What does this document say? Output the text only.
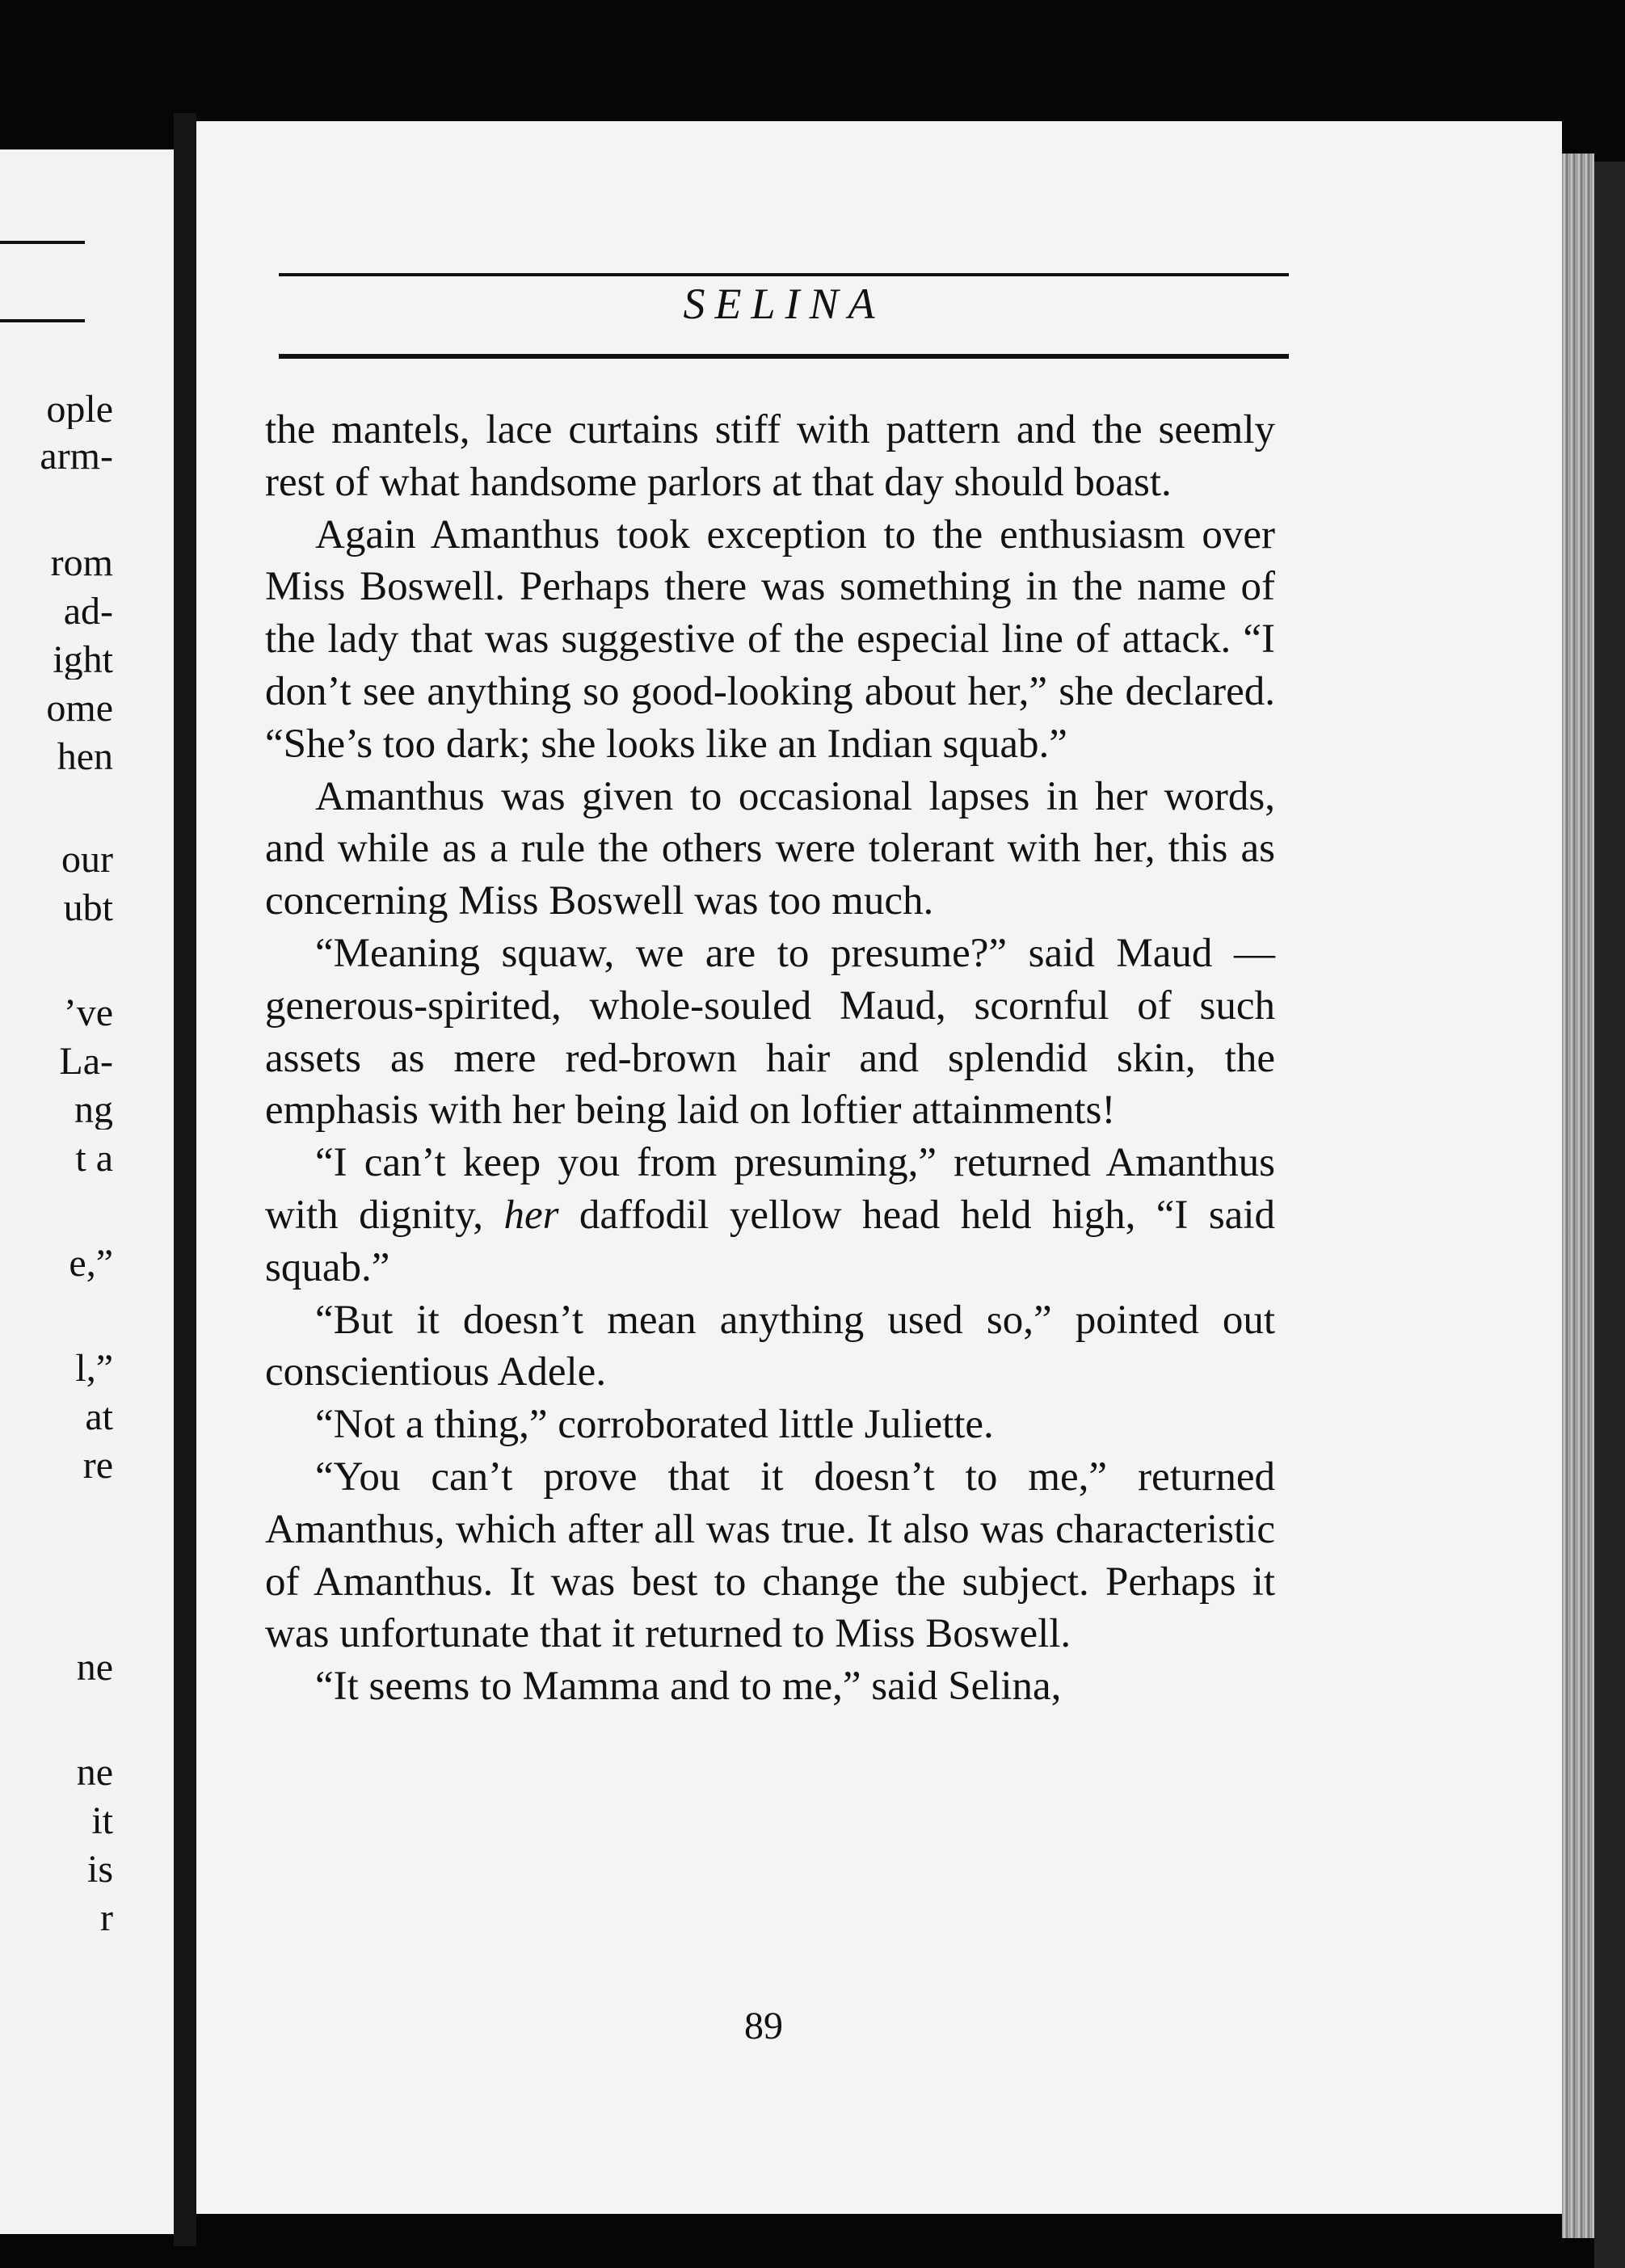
ople
arm-
rom
ad-
ight
ome
hen
our
ubt
’ve
La-
ng
t a
e,”
l,”
at
re
ne
ne
it
is
r
SELINA

the mantels, lace curtains stiff with pattern and the seemly rest of what handsome parlors at that day should boast.

Again Amanthus took exception to the enthusiasm over Miss Boswell. Perhaps there was something in the name of the lady that was suggestive of the especial line of attack. “I don’t see anything so good-looking about her,” she declared. “She’s too dark; she looks like an Indian squab.”

Amanthus was given to occasional lapses in her words, and while as a rule the others were tolerant with her, this as concerning Miss Boswell was too much.

“Meaning squaw, we are to presume?” said Maud —generous-spirited, whole-souled Maud, scornful of such assets as mere red-brown hair and splendid skin, the emphasis with her being laid on loftier attainments!

“I can’t keep you from presuming,” returned Amanthus with dignity, her daffodil yellow head held high, “I said squab.”

“But it doesn’t mean anything used so,” pointed out conscientious Adele.

“Not a thing,” corroborated little Juliette.

“You can’t prove that it doesn’t to me,” returned Amanthus, which after all was true. It also was characteristic of Amanthus. It was best to change the subject. Perhaps it was unfortunate that it returned to Miss Boswell.

“It seems to Mamma and to me,” said Selina,

89
